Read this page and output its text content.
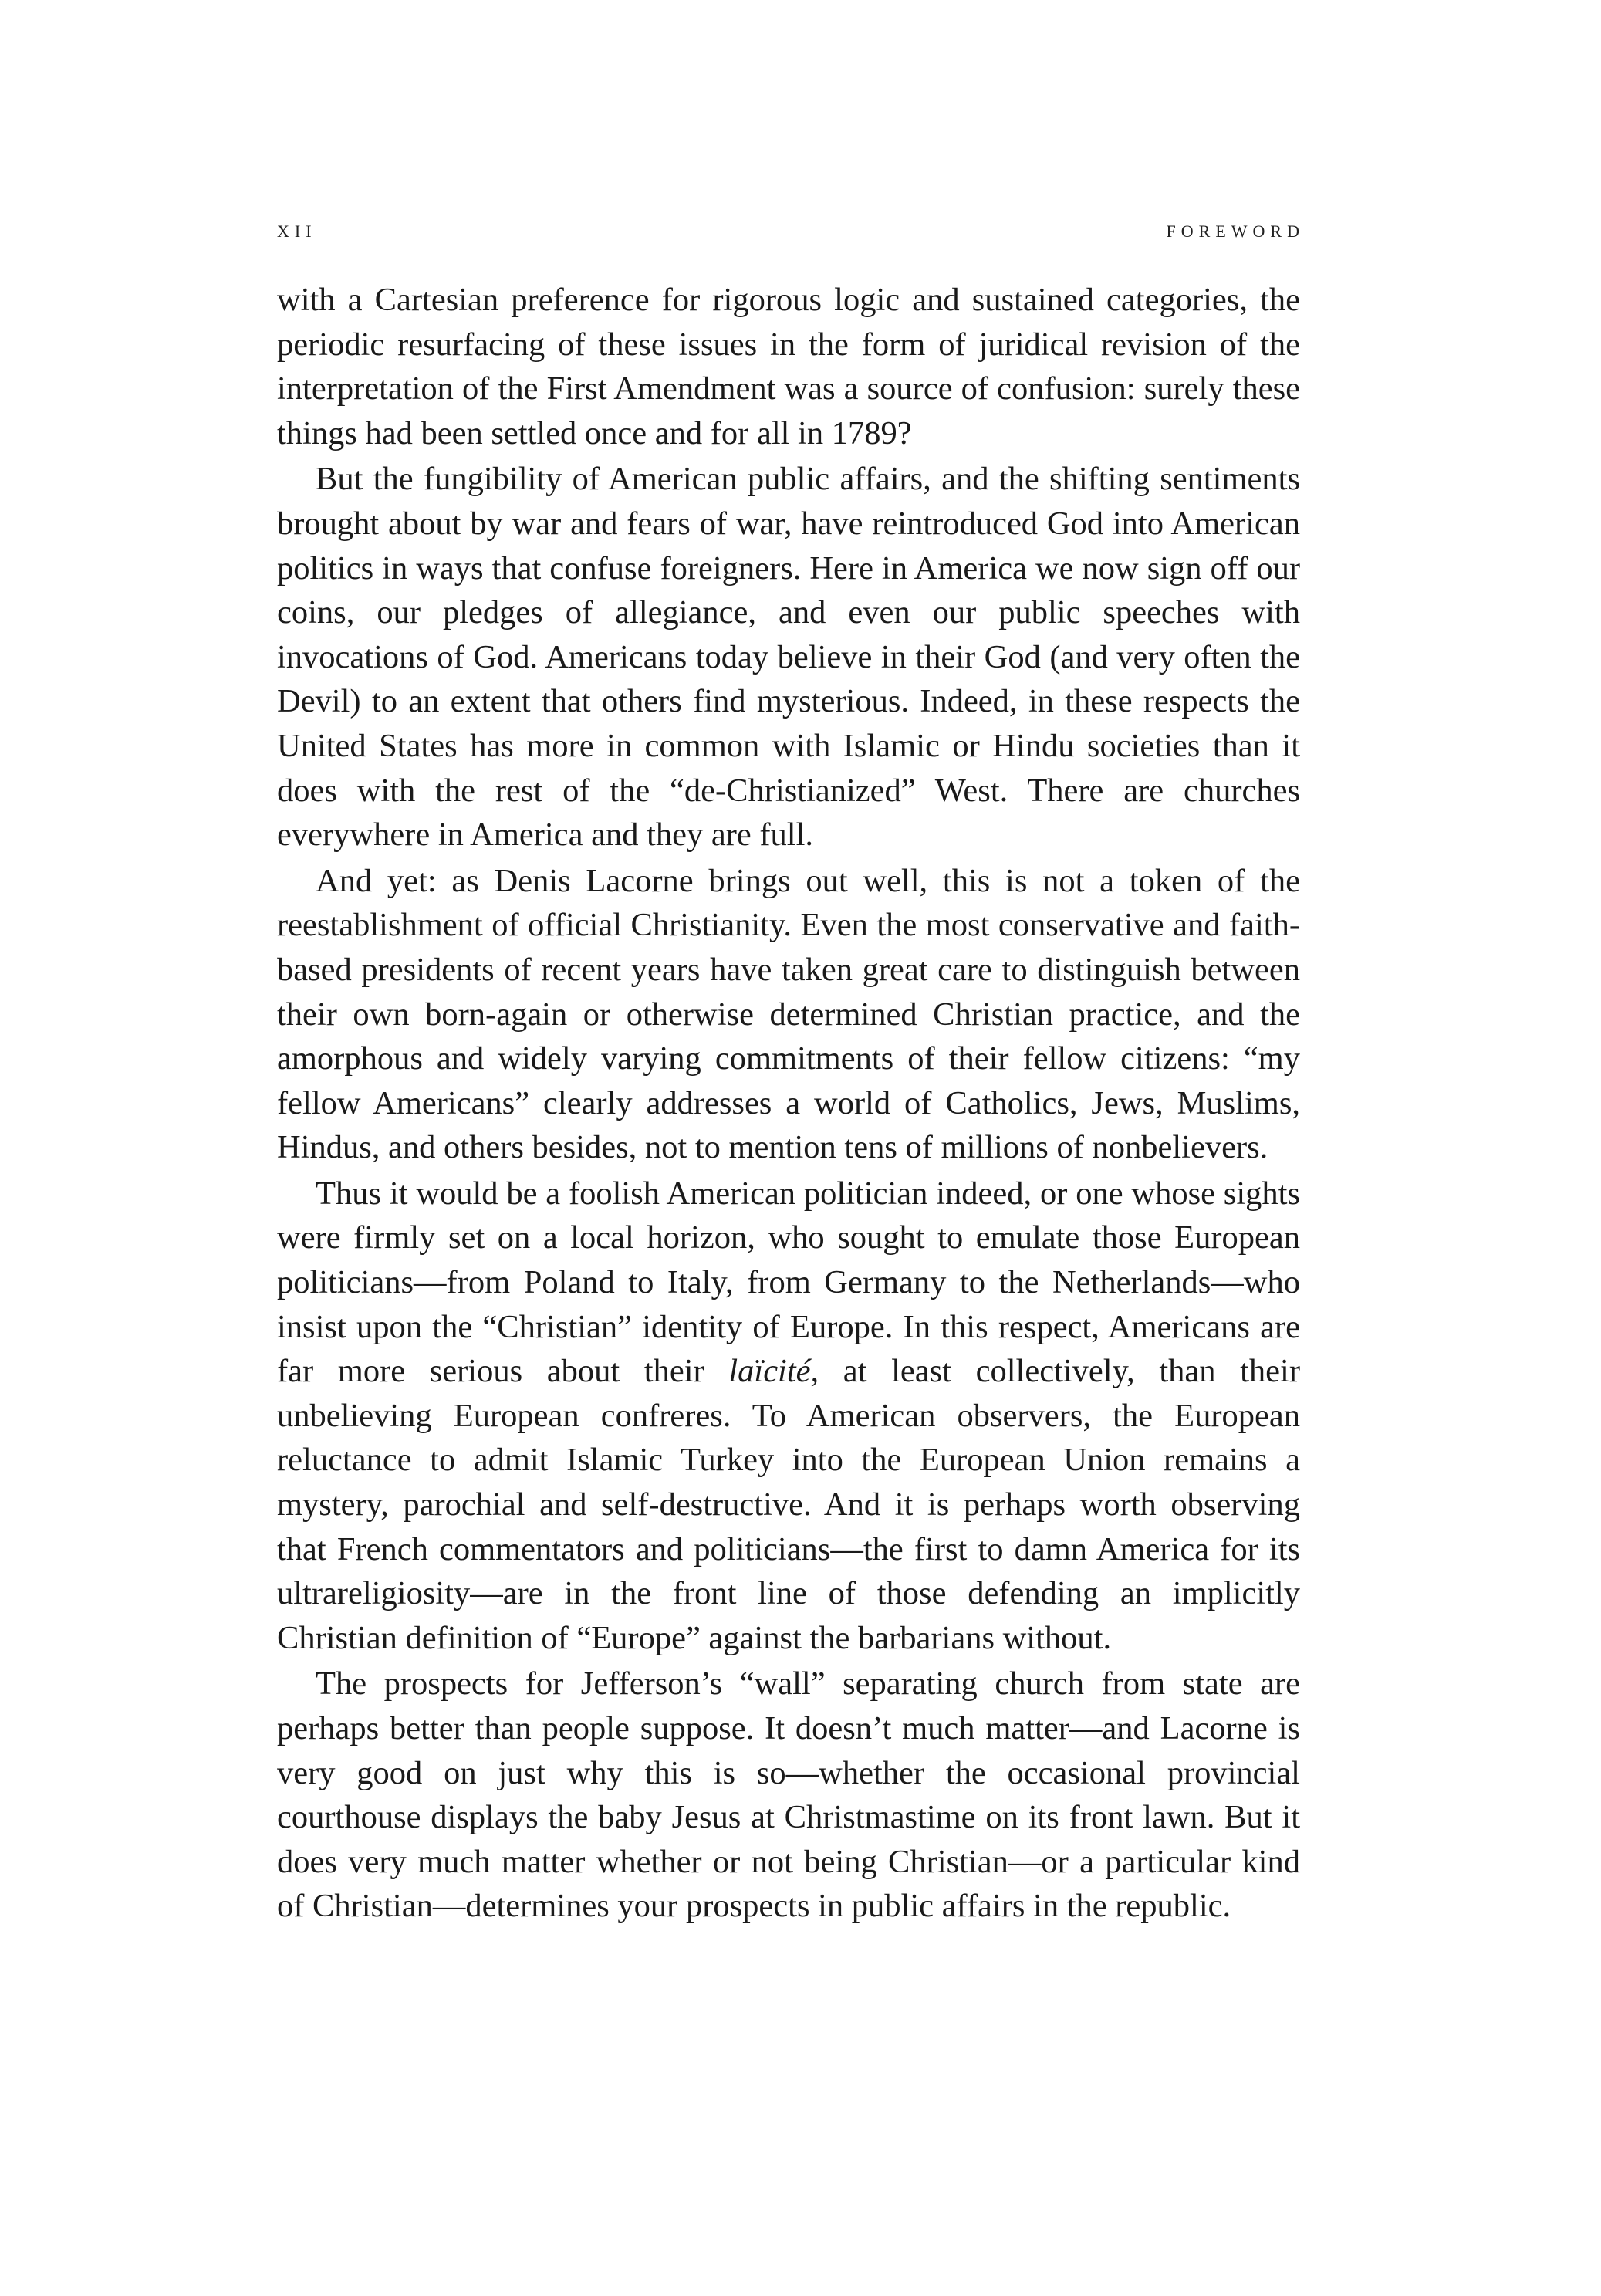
XII	FOREWORD

with a Cartesian preference for rigorous logic and sustained categories, the periodic resurfacing of these issues in the form of juridical revision of the interpretation of the First Amendment was a source of confusion: surely these things had been settled once and for all in 1789?

But the fungibility of American public affairs, and the shifting sentiments brought about by war and fears of war, have reintroduced God into American politics in ways that confuse foreigners. Here in America we now sign off our coins, our pledges of allegiance, and even our public speeches with invocations of God. Americans today believe in their God (and very often the Devil) to an extent that others find mysterious. Indeed, in these respects the United States has more in common with Islamic or Hindu societies than it does with the rest of the “de-Christianized” West. There are churches everywhere in America and they are full.

And yet: as Denis Lacorne brings out well, this is not a token of the reestablishment of official Christianity. Even the most conservative and faith-based presidents of recent years have taken great care to distinguish between their own born-again or otherwise determined Christian practice, and the amorphous and widely varying commitments of their fellow citizens: “my fellow Americans” clearly addresses a world of Catholics, Jews, Muslims, Hindus, and others besides, not to mention tens of millions of nonbelievers.

Thus it would be a foolish American politician indeed, or one whose sights were firmly set on a local horizon, who sought to emulate those European politicians—from Poland to Italy, from Germany to the Netherlands—who insist upon the “Christian” identity of Europe. In this respect, Americans are far more serious about their laïcité, at least collectively, than their unbelieving European confreres. To American observers, the European reluctance to admit Islamic Turkey into the European Union remains a mystery, parochial and self-destructive. And it is perhaps worth observing that French commentators and politicians—the first to damn America for its ultrareligiosity—are in the front line of those defending an implicitly Christian definition of “Europe” against the barbarians without.

The prospects for Jefferson’s “wall” separating church from state are perhaps better than people suppose. It doesn’t much matter—and Lacorne is very good on just why this is so—whether the occasional provincial courthouse displays the baby Jesus at Christmastime on its front lawn. But it does very much matter whether or not being Christian—or a particular kind of Christian—determines your prospects in public affairs in the republic.
